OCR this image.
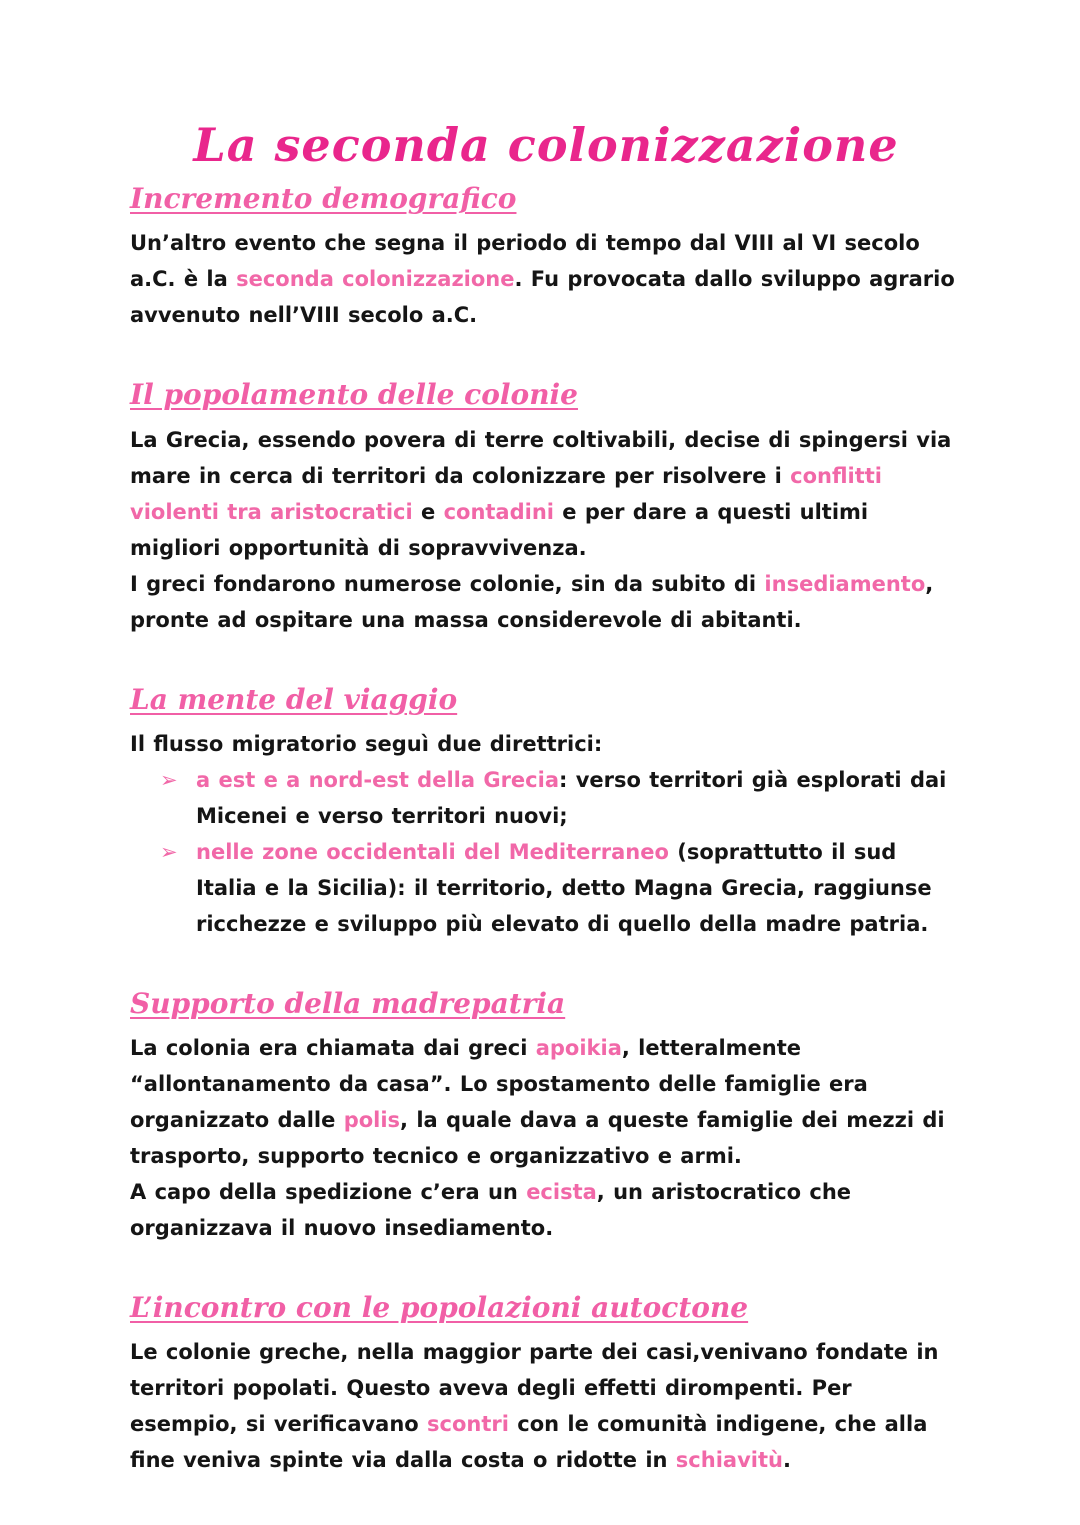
La seconda colonizzazione
Incremento demografico

Un’altro evento che segna il periodo di tempo dal VIII al VI secolo a.C. è la seconda colonizzazione. Fu provocata dallo sviluppo agrario avvenuto nell’VIII secolo a.C.

Il popolamento delle colonie

La Grecia, essendo povera di terre coltivabili, decise di spingersi via mare in cerca di territori da colonizzare per risolvere i conflitti violenti tra aristocratici e contadini e per dare a questi ultimi migliori opportunità di sopravvivenza.

I greci fondarono numerose colonie, sin da subito di insediamento, pronte ad ospitare una massa considerevole di abitanti.

La mente del viaggio

Il flusso migratorio seguì due direttrici:

➢ a est e a nord-est della Grecia: verso territori già esplorati dai Micenei e verso territori nuovi;
➢ nelle zone occidentali del Mediterraneo (soprattutto il sud Italia e la Sicilia): il territorio, detto Magna Grecia, raggiunse ricchezze e sviluppo più elevato di quello della madre patria.
Supporto della madrepatria

La colonia era chiamata dai greci apoikia, letteralmente “allontanamento da casa”. Lo spostamento delle famiglie era organizzato dalle polis, la quale dava a queste famiglie dei mezzi di trasporto, supporto tecnico e organizzativo e armi.

A capo della spedizione c’era un ecista, un aristocratico che organizzava il nuovo insediamento.

L’incontro con le popolazioni autoctone

Le colonie greche, nella maggior parte dei casi,venivano fondate in territori popolati. Questo aveva degli effetti dirompenti. Per esempio, si verificavano scontri con le comunità indigene, che alla fine veniva spinte via dalla costa o ridotte in schiavitù.
